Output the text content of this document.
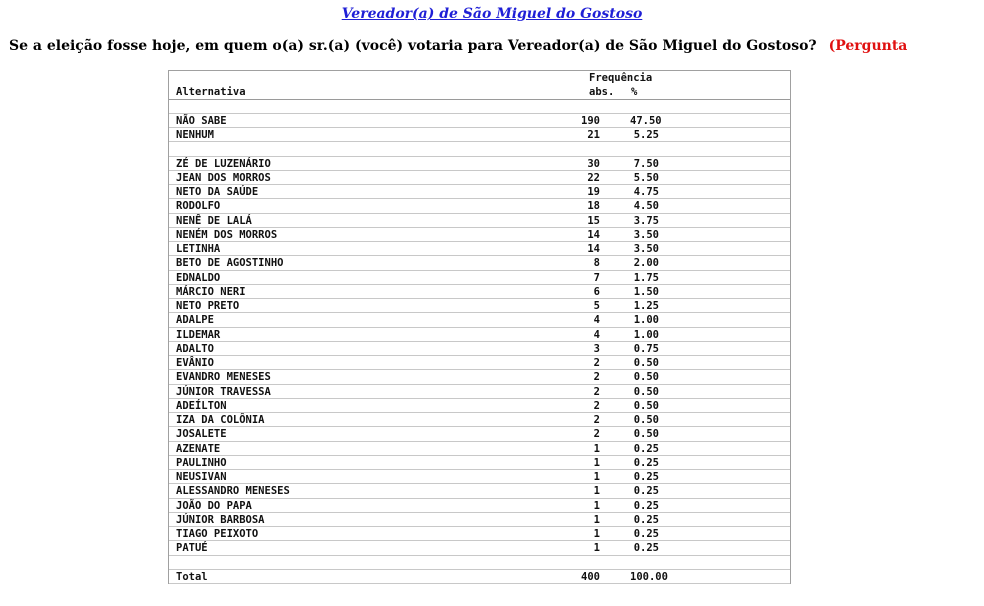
Vereador(a) de São Miguel do Gostoso
Se a eleição fosse hoje, em quem o(a) sr.(a) (você) votaria para Vereador(a) de São Miguel do Gostoso? (Pergunta
Frequência
Alternativa	abs. %
NÃO SABE	190	47.50
NENHUM	21	5.25
ZÉ DE LUZENÁRIO	30	7.50
JEAN DOS MORROS	22	5.50
NETO DA SAÚDE	19	4.75
RODOLFO	18	4.50
NENÊ DE LALÁ	15	3.75
NENÉM DOS MORROS	14	3.50
LETINHA	14	3.50
BETO DE AGOSTINHO	8	2.00
EDNALDO	7	1.75
MÁRCIO NERI	6	1.50
NETO PRETO	5	1.25
ADALPE	4	1.00
ILDEMAR	4	1.00
ADALTO	3	0.75
EVÂNIO	2	0.50
EVANDRO MENESES	2	0.50
JÚNIOR TRAVESSA	2	0.50
ADEÍLTON	2	0.50
IZA DA COLÔNIA	2	0.50
JOSALETE	2	0.50
AZENATE	1	0.25
PAULINHO	1	0.25
NEUSIVAN	1	0.25
ALESSANDRO MENESES	1	0.25
JOÃO DO PAPA	1	0.25
JÚNIOR BARBOSA	1	0.25
TIAGO PEIXOTO	1	0.25
PATUÉ	1	0.25
Total	400	100.00
